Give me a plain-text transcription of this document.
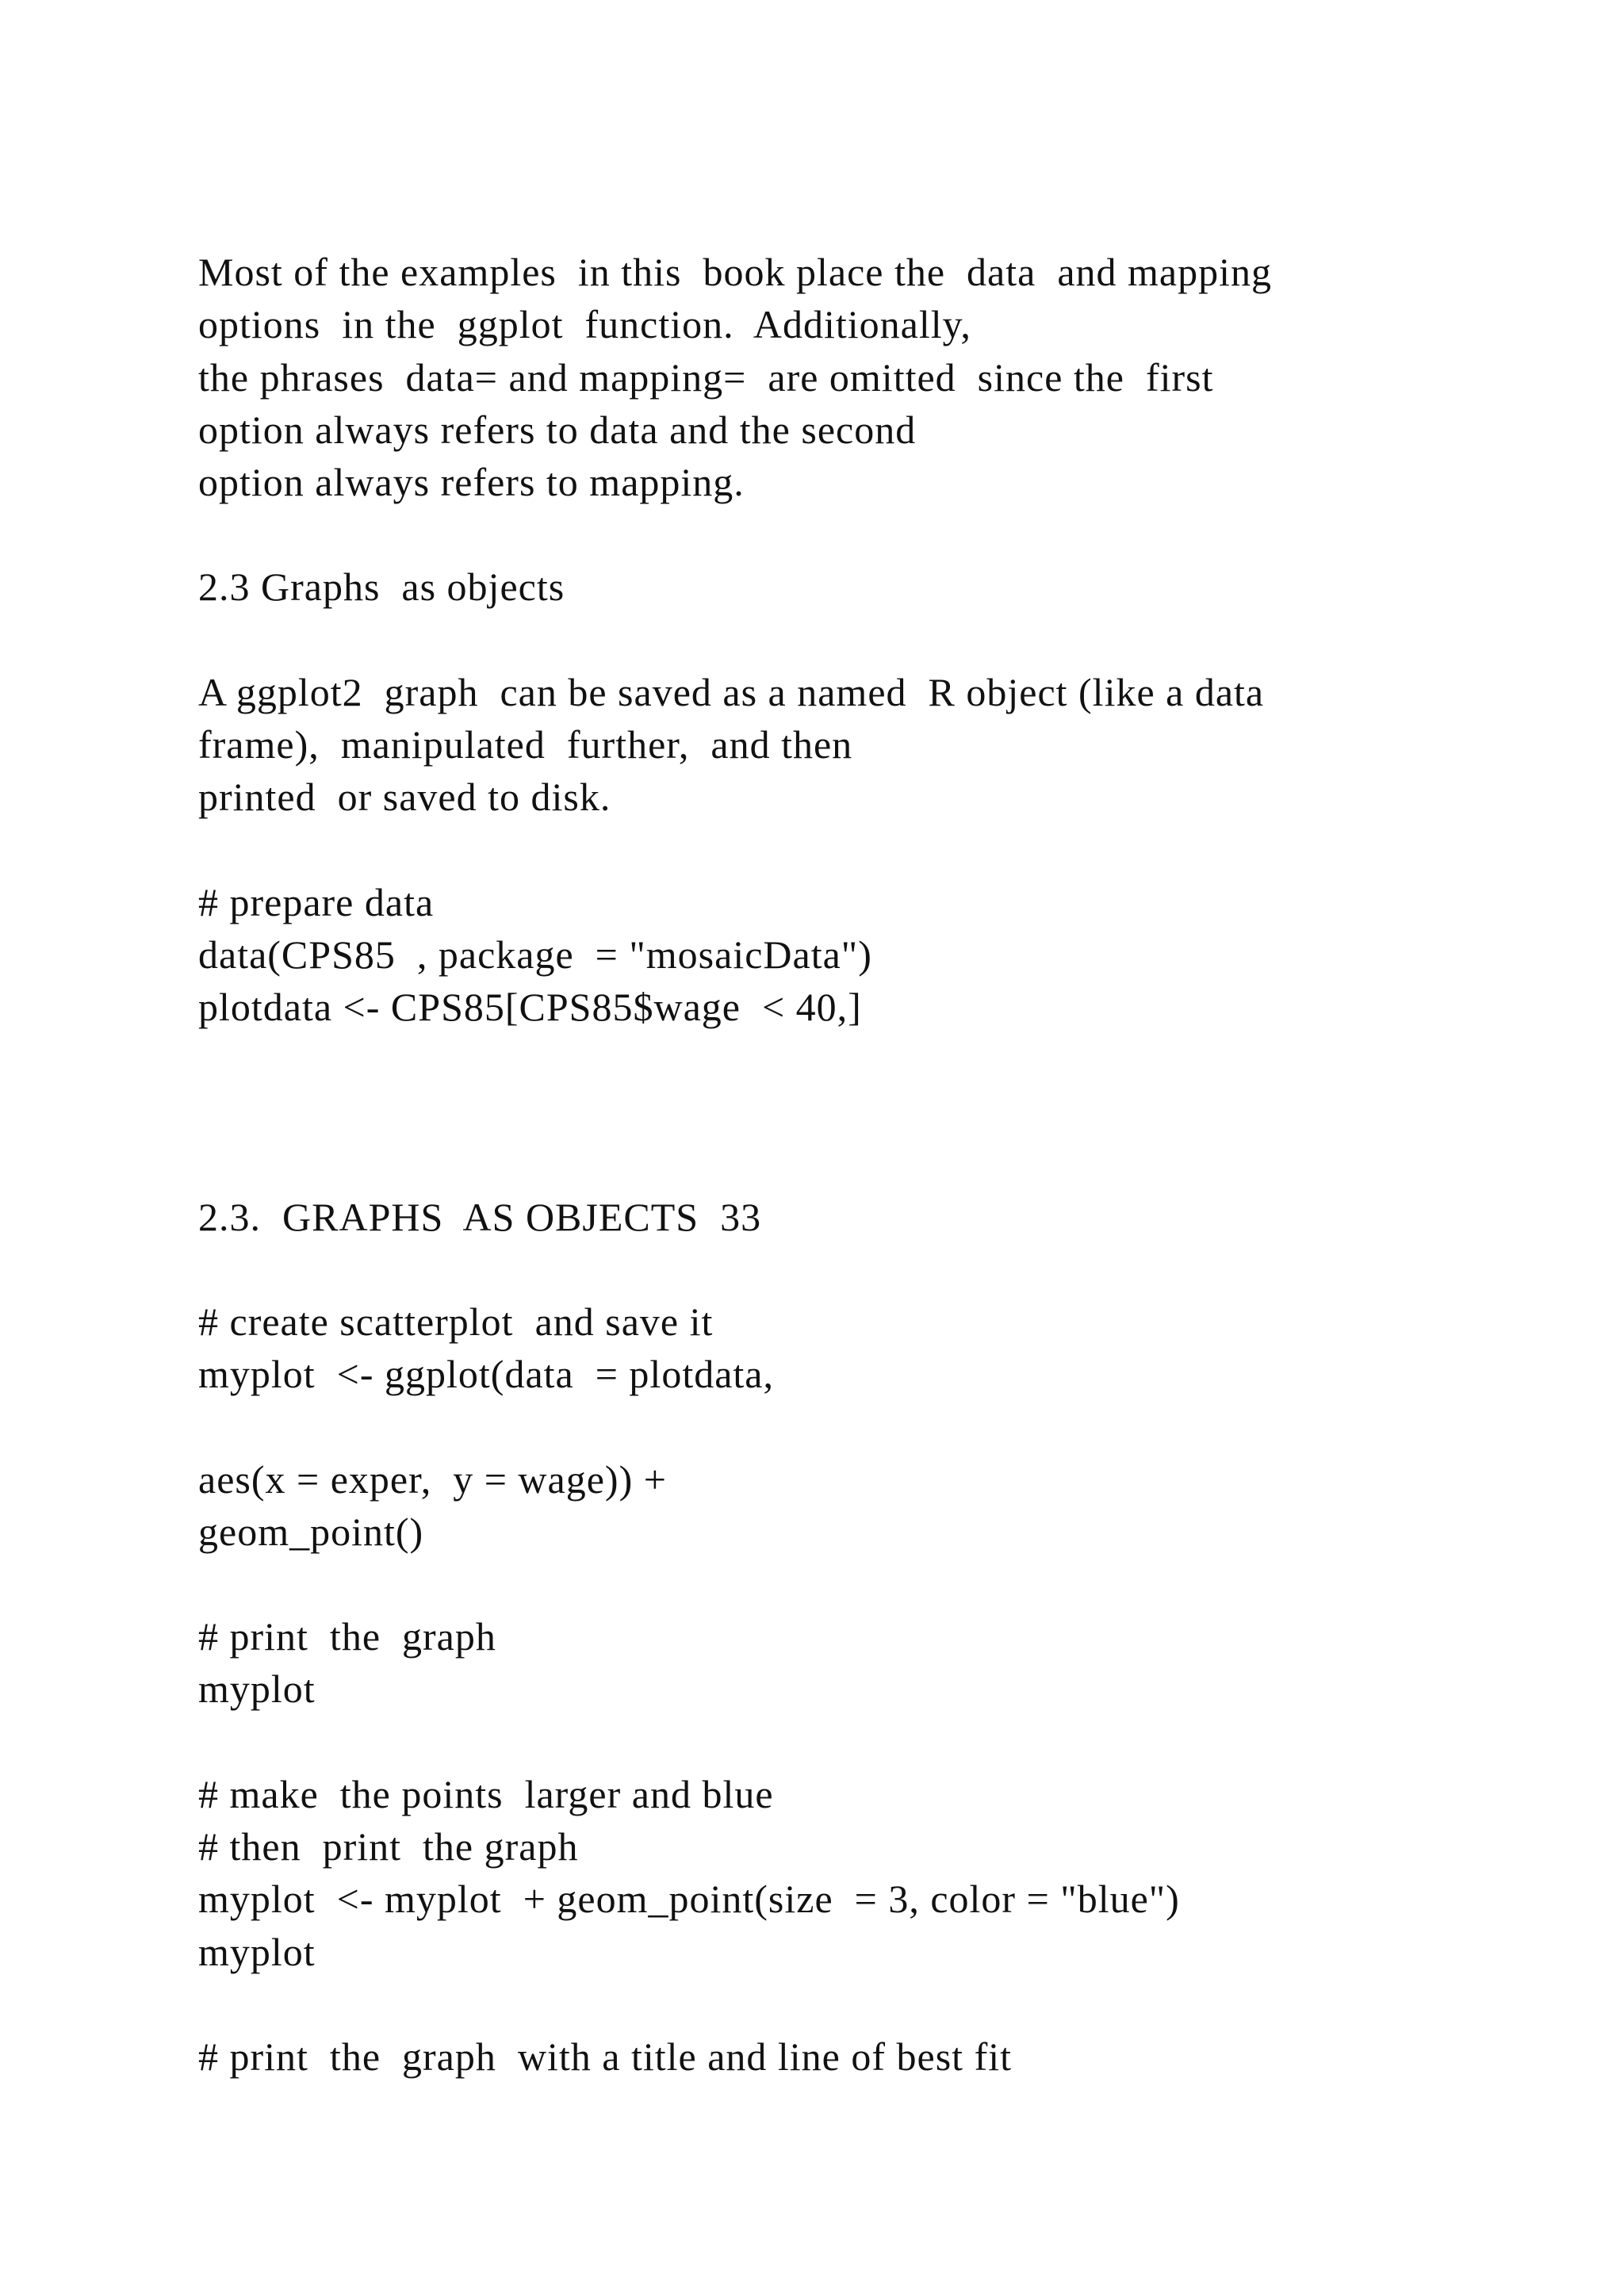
Most of the examples  in this  book place the  data  and mapping
options  in the  ggplot  function.  Additionally,
the phrases  data= and mapping=  are omitted  since the  first
option always refers to data and the second
option always refers to mapping.
2.3 Graphs  as objects
A ggplot2  graph  can be saved as a named  R object (like a data
frame),  manipulated  further,  and then
printed  or saved to disk.
# prepare data
data(CPS85  , package  = "mosaicData")
plotdata <- CPS85[CPS85$wage  < 40,]
2.3.  GRAPHS  AS OBJECTS  33
# create scatterplot  and save it
myplot  <- ggplot(data  = plotdata,
aes(x = exper,  y = wage)) +
geom_point()
# print  the  graph
myplot
# make  the points  larger and blue
# then  print  the graph
myplot  <- myplot  + geom_point(size  = 3, color = "blue")
myplot
# print  the  graph  with a title and line of best fit
